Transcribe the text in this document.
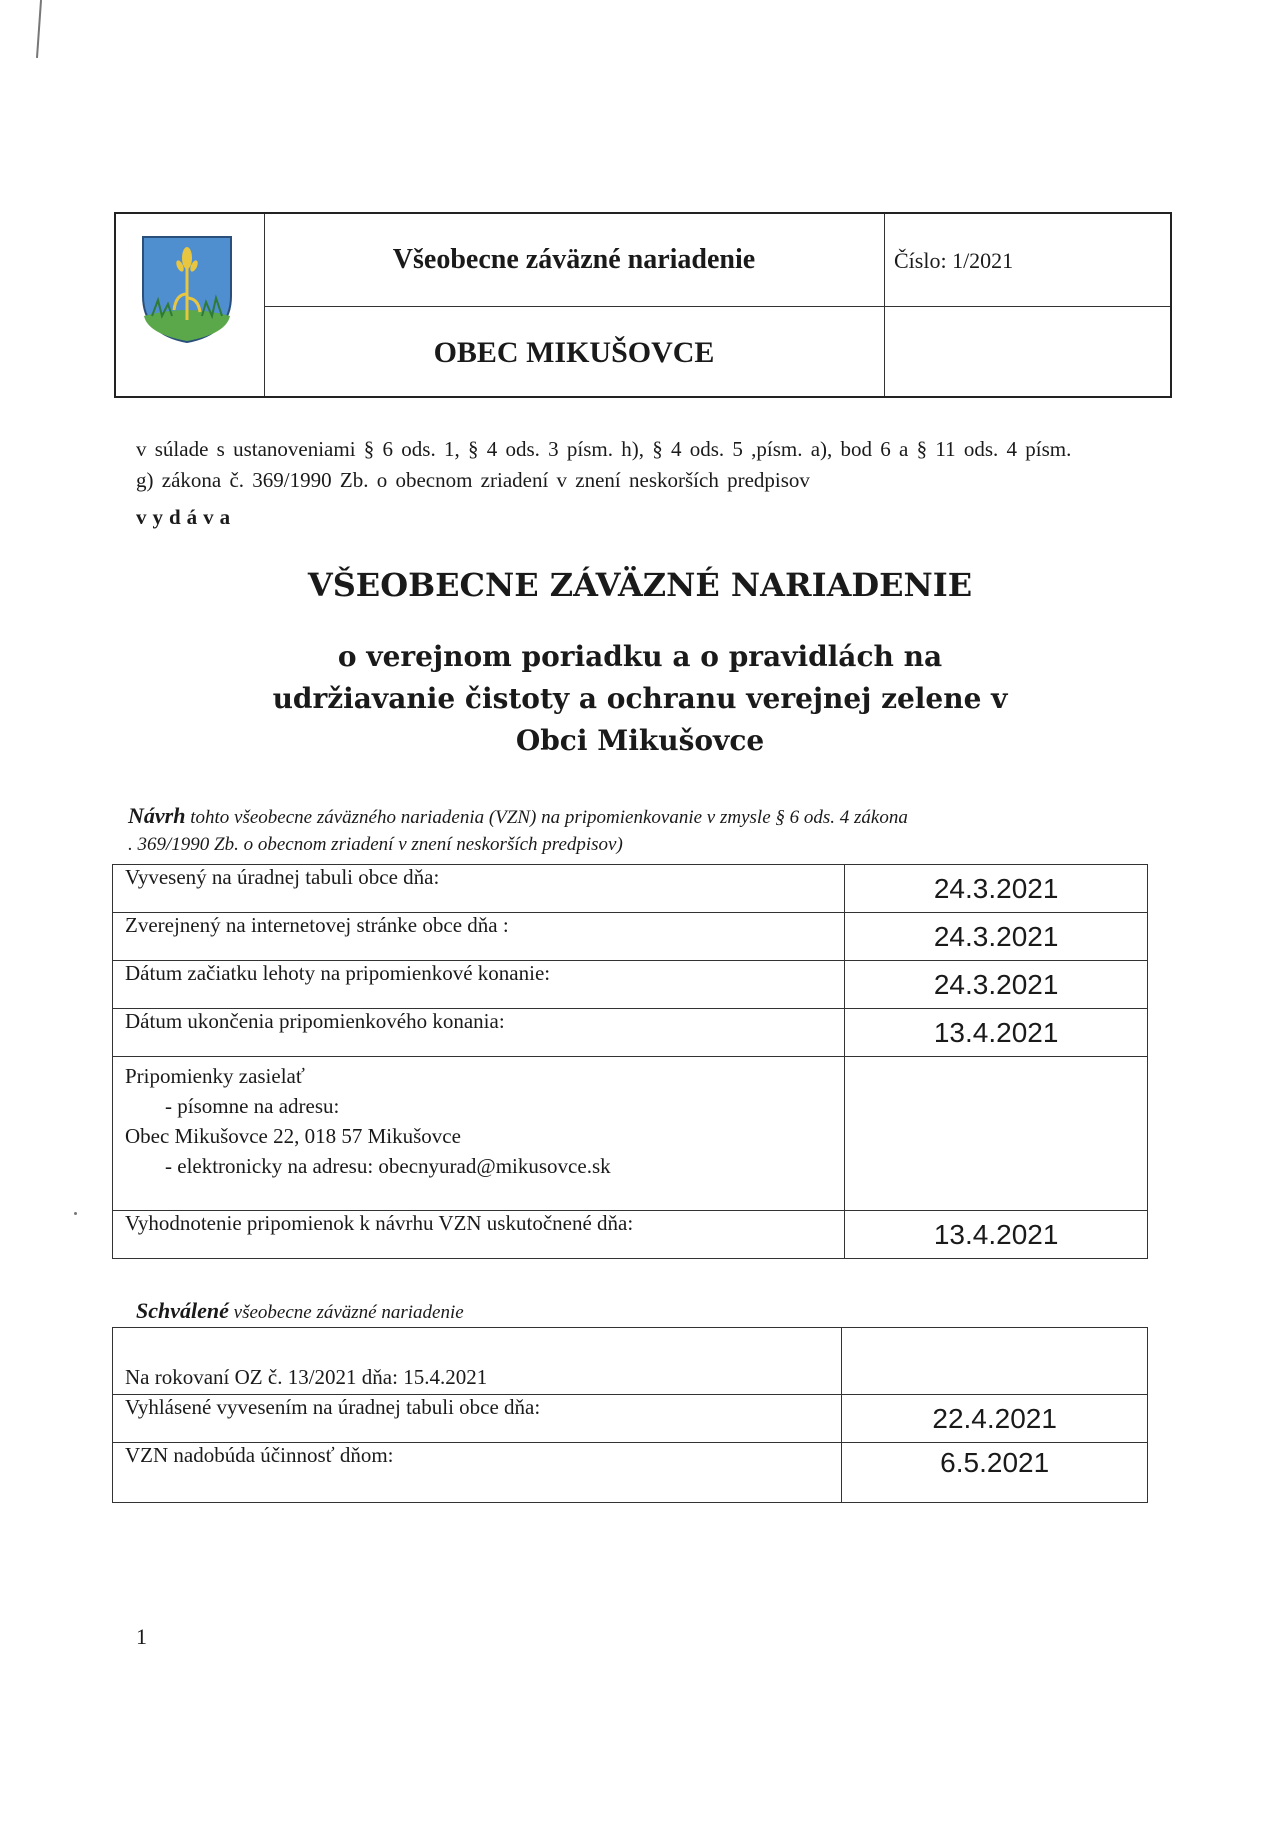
Všeobecne záväzné nariadenie	Číslo: 1/2021
OBEC MIKUŠOVCE
v súlade s ustanoveniami § 6 ods. 1, § 4 ods. 3 písm. h), § 4 ods. 5 ,písm. a), bod 6 a § 11 ods. 4 písm.
g) zákona č. 369/1990 Zb. o obecnom zriadení v znení neskorších predpisov
vydáva
VŠEOBECNE ZÁVÄZNÉ NARIADENIE
o verejnom poriadku a o pravidlách na
udržiavanie čistoty a ochranu verejnej zelene v
Obci Mikušovce
Návrh tohto všeobecne záväzného nariadenia (VZN) na pripomienkovanie v zmysle § 6 ods. 4 zákona
. 369/1990 Zb. o obecnom zriadení v znení neskorších predpisov)
Vyvesený na úradnej tabuli obce dňa:	24.3.2021
Zverejnený na internetovej stránke obce dňa :	24.3.2021
Dátum začiatku lehoty na pripomienkové konanie:	24.3.2021
Dátum ukončenia pripomienkového konania:	13.4.2021

Pripomienky zasielať
- písomne na adresu:
Obec Mikušovce 22, 018 57 Mikušovce
- elektronicky na adresu: obecnyurad@mikusovce.sk	

Vyhodnotenie pripomienok k návrhu VZN uskutočnené dňa:	13.4.2021
Schválené všeobecne záväzné nariadenie
Na rokovaní OZ č. 13/2021 dňa: 15.4.2021	
Vyhlásené vyvesením na úradnej tabuli obce dňa:	22.4.2021
VZN nadobúda účinnosť dňom:	6.5.2021
1
